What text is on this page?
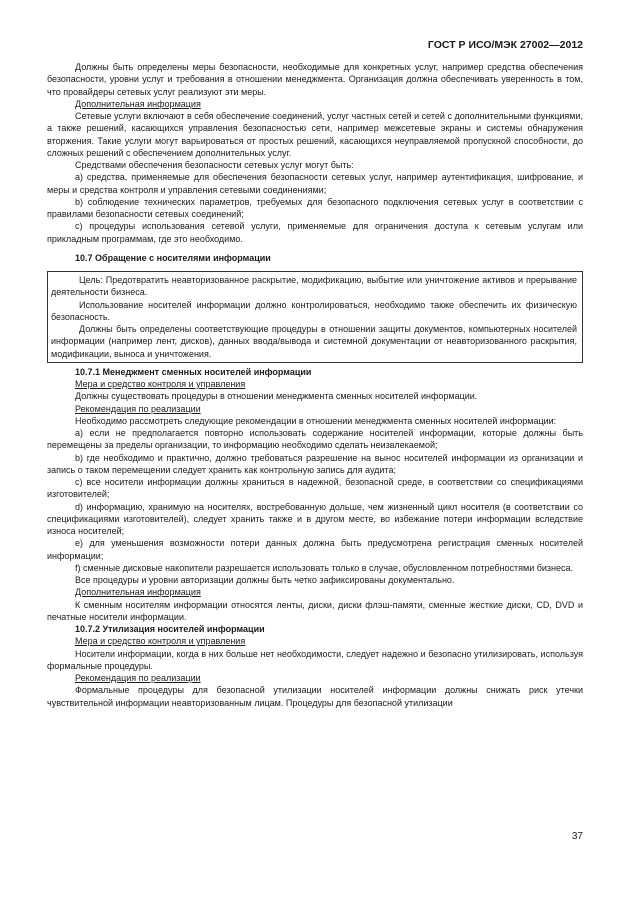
ГОСТ Р ИСО/МЭК 27002—2012

Должны быть определены меры безопасности, необходимые для конкретных услуг, например средства обеспечения безопасности, уровни услуг и требования в отношении менеджмента. Организация должна обеспечивать уверенность в том, что провайдеры сетевых услуг реализуют эти меры.

Дополнительная информация

Сетевые услуги включают в себя обеспечение соединений, услуг частных сетей и сетей с дополнительными функциями, а также решений, касающихся управления безопасностью сети, например межсетевые экраны и системы обнаружения вторжения. Такие услуги могут варьироваться от простых решений, касающихся неуправляемой пропускной способности, до сложных решений с обеспечением дополнительных услуг.

Средствами обеспечения безопасности сетевых услуг могут быть:

a) средства, применяемые для обеспечения безопасности сетевых услуг, например аутентификация, шифрование, и меры и средства контроля и управления сетевыми соединениями;

b) соблюдение технических параметров, требуемых для безопасного подключения сетевых услуг в соответствии с правилами безопасности сетевых соединений;

c) процедуры использования сетевой услуги, применяемые для ограничения доступа к сетевым услугам или прикладным программам, где это необходимо.

10.7 Обращение с носителями информации

Цель: Предотвратить неавторизованное раскрытие, модификацию, выбытие или уничтожение активов и прерывание деятельности бизнеса.

Использование носителей информации должно контролироваться, необходимо также обеспечить их физическую безопасность.

Должны быть определены соответствующие процедуры в отношении защиты документов, компьютерных носителей информации (например лент, дисков), данных ввода/вывода и системной документации от неавторизованного раскрытия, модификации, выноса и уничтожения.

10.7.1 Менеджмент сменных носителей информации

Мера и средство контроля и управления

Должны существовать процедуры в отношении менеджмента сменных носителей информации.

Рекомендация по реализации

Необходимо рассмотреть следующие рекомендации в отношении менеджмента сменных носителей информации:

a) если не предполагается повторно использовать содержание носителей информации, которые должны быть перемещены за пределы организации, то информацию необходимо сделать неизвлекаемой;

b) где необходимо и практично, должно требоваться разрешение на вынос носителей информации из организации и запись о таком перемещении следует хранить как контрольную запись для аудита;

c) все носители информации должны храниться в надежной, безопасной среде, в соответствии со спецификациями изготовителей;

d) информацию, хранимую на носителях, востребованную дольше, чем жизненный цикл носителя (в соответствии со спецификациями изготовителей), следует хранить также и в другом месте, во избежание потери информации вследствие износа носителей;

e) для уменьшения возможности потери данных должна быть предусмотрена регистрация сменных носителей информации;

f) сменные дисковые накопители разрешается использовать только в случае, обусловленном потребностями бизнеса.

Все процедуры и уровни авторизации должны быть четко зафиксированы документально.

Дополнительная информация

К сменным носителям информации относятся ленты, диски, диски флэш-памяти, сменные жесткие диски, CD, DVD и печатные носители информации.

10.7.2 Утилизация носителей информации

Мера и средство контроля и управления

Носители информации, когда в них больше нет необходимости, следует надежно и безопасно утилизировать, используя формальные процедуры.

Рекомендация по реализации

Формальные процедуры для безопасной утилизации носителей информации должны снижать риск утечки чувствительной информации неавторизованным лицам. Процедуры для безопасной утилизации

37
